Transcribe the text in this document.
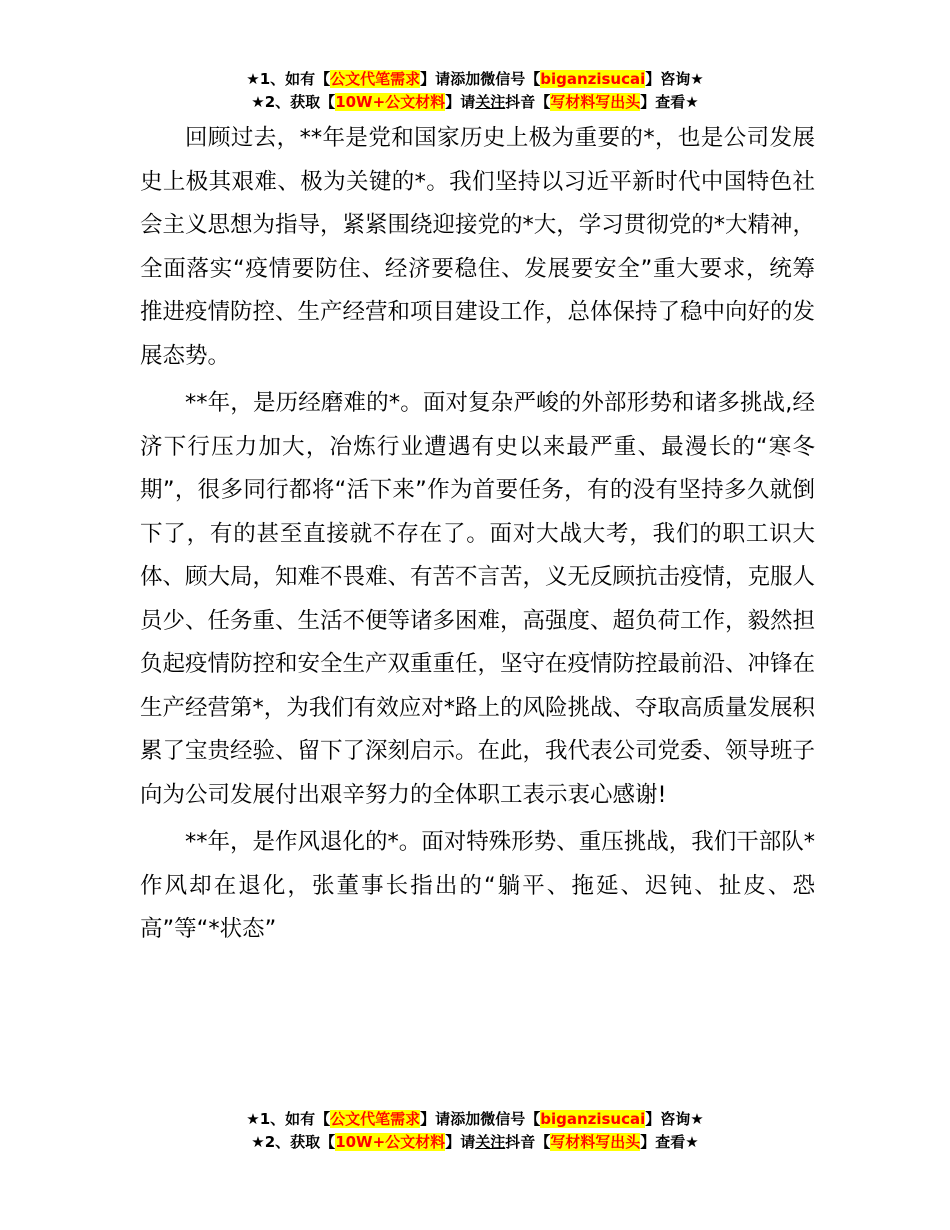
★1、如有【公文代笔需求】请添加微信号【biganzisucai】咨询★
★2、获取【10W+公文材料】请关注抖音【写材料写出头】查看★

回顾过去，**年是党和国家历史上极为重要的*，也是公司发展史上极其艰难、极为关键的*。我们坚持以习近平新时代中国特色社会主义思想为指导，紧紧围绕迎接党的*大，学习贯彻党的*大精神，全面落实“疫情要防住、经济要稳住、发展要安全”重大要求，统筹推进疫情防控、生产经营和项目建设工作，总体保持了稳中向好的发展态势。

**年，是历经磨难的*。面对复杂严峻的外部形势和诸多挑战,经济下行压力加大，冶炼行业遭遇有史以来最严重、最漫长的“寒冬期”，很多同行都将“活下来”作为首要任务，有的没有坚持多久就倒下了，有的甚至直接就不存在了。面对大战大考，我们的职工识大体、顾大局，知难不畏难、有苦不言苦，义无反顾抗击疫情，克服人员少、任务重、生活不便等诸多困难，高强度、超负荷工作，毅然担负起疫情防控和安全生产双重重任，坚守在疫情防控最前沿、冲锋在生产经营第*，为我们有效应对*路上的风险挑战、夺取高质量发展积累了宝贵经验、留下了深刻启示。在此，我代表公司党委、领导班子向为公司发展付出艰辛努力的全体职工表示衷心感谢!

**年，是作风退化的*。面对特殊形势、重压挑战，我们干部队*作风却在退化，张董事长指出的“躺平、拖延、迟钝、扯皮、恐高”等“*状态”

★1、如有【公文代笔需求】请添加微信号【biganzisucai】咨询★
★2、获取【10W+公文材料】请关注抖音【写材料写出头】查看★
